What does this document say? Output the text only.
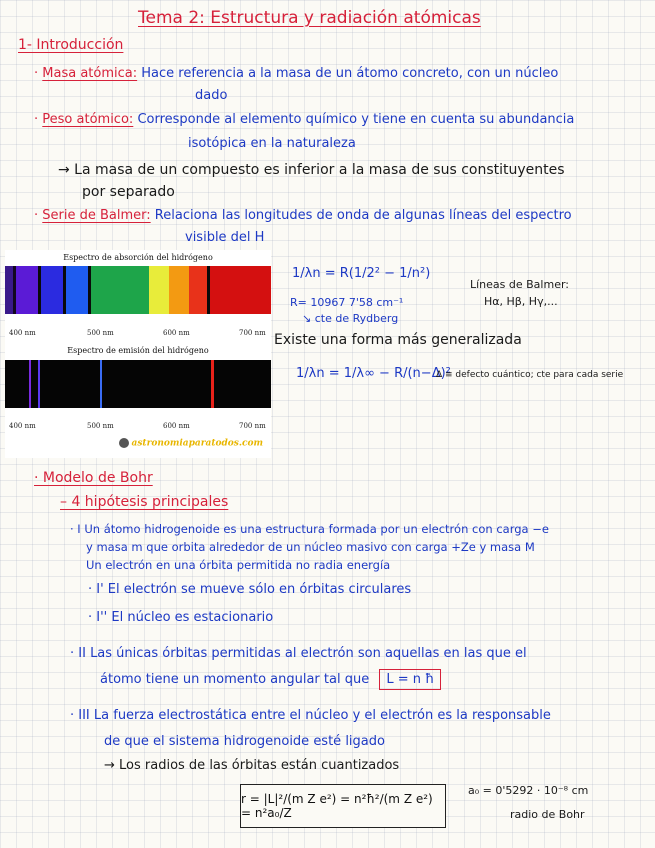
Tema 2: Estructura y radiación atómicas
1- Introducción
· Masa atómica: Hace referencia a la masa de un átomo concreto, con un núcleo
dado
· Peso atómico: Corresponde al elemento químico y tiene en cuenta su abundancia
isotópica en la naturaleza
→ La masa de un compuesto es inferior a la masa de sus constituyentes
por separado
· Serie de Balmer: Relaciona las longitudes de onda de algunas líneas del espectro
visible del H
Espectro de absorción del hidrógeno
400 nm	500 nm	600 nm	700 nm
Espectro de emisión del hidrógeno
400 nm	500 nm	600 nm	700 nm
astronomiaparatodos.com
1/λn = R(1/2² − 1/n²)
R= 10967 7'58 cm⁻¹
↘ cte de Rydberg
Líneas de Balmer:
Hα, Hβ, Hγ,...
Existe una forma más generalizada
1/λn = 1/λ∞ − R/(n−Δ)²
Δ ≡ defecto cuántico; cte para cada serie
· Modelo de Bohr
– 4 hipótesis principales
· I Un átomo hidrogenoide es una estructura formada por un electrón con carga −e
y masa m que orbita alrededor de un núcleo masivo con carga +Ze y masa M
Un electrón en una órbita permitida no radia energía
· I' El electrón se mueve sólo en órbitas circulares
· I'' El núcleo es estacionario
· II Las únicas órbitas permitidas al electrón son aquellas en las que el
átomo tiene un momento angular tal que L = n ħ
· III La fuerza electrostática entre el núcleo y el electrón es la responsable
de que el sistema hidrogenoide esté ligado
→ Los radios de las órbitas están cuantizados
r = |L|²/(m Z e²) = n²ħ²/(m Z e²) = n²a₀/Z
a₀ = 0'5292 · 10⁻⁸ cm
radio de Bohr
